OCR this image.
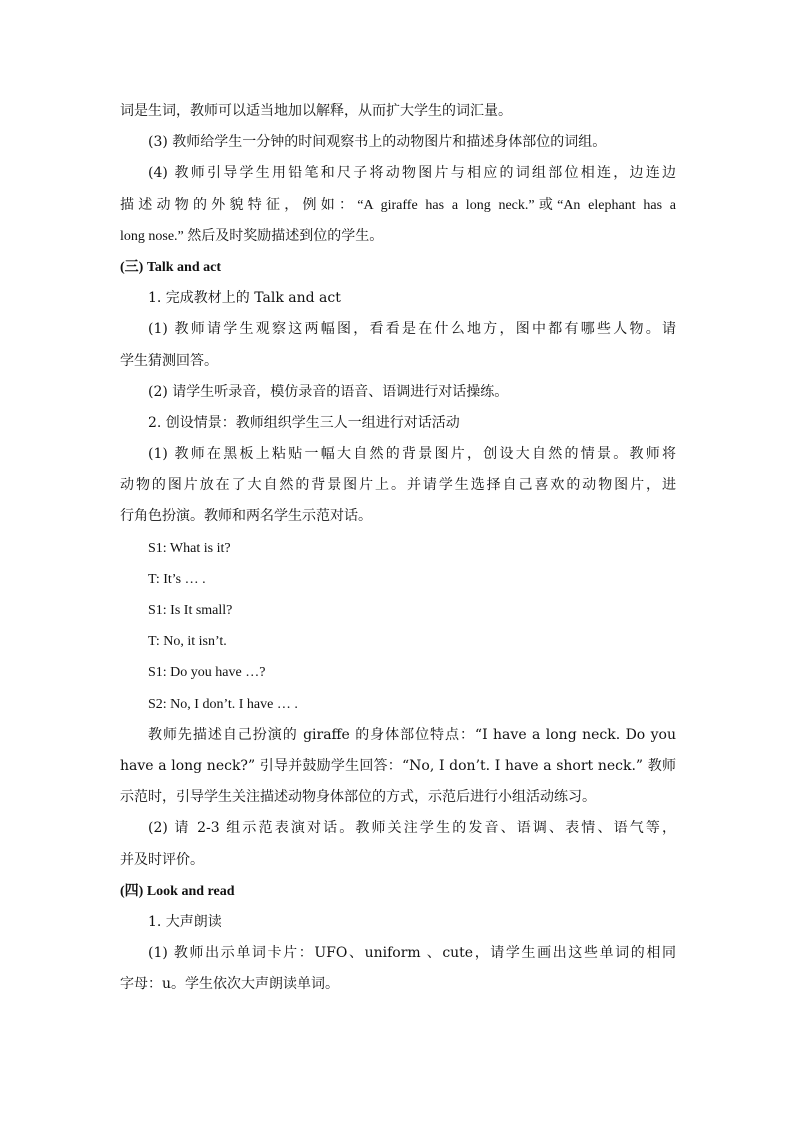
词是生词，教师可以适当地加以解释，从而扩大学生的词汇量。
(3) 教师给学生一分钟的时间观察书上的动物图片和描述身体部位的词组。
(4) 教师引导学生用铅笔和尺子将动物图片与相应的词组部位相连，边连边
描述动物的外貌特征，例如：“A giraffe has a long neck.”或“An elephant has a
long nose.” 然后及时奖励描述到位的学生。
(三) Talk and act
1. 完成教材上的 Talk and act
(1) 教师请学生观察这两幅图，看看是在什么地方，图中都有哪些人物。请
学生猜测回答。
(2) 请学生听录音，模仿录音的语音、语调进行对话操练。
2. 创设情景：教师组织学生三人一组进行对话活动
(1) 教师在黑板上粘贴一幅大自然的背景图片，创设大自然的情景。教师将
动物的图片放在了大自然的背景图片上。并请学生选择自己喜欢的动物图片，进
行角色扮演。教师和两名学生示范对话。
S1: What is it?
T: It’s … .
S1: Is It small?
T: No, it isn’t.
S1: Do you have …?
S2: No, I don’t. I have … .
教师先描述自己扮演的 giraffe 的身体部位特点：“I have a long neck. Do you
have a long neck?” 引导并鼓励学生回答：“No, I don’t. I have a short neck.” 教师
示范时，引导学生关注描述动物身体部位的方式，示范后进行小组活动练习。
(2) 请 2-3 组示范表演对话。教师关注学生的发音、语调、表情、语气等，
并及时评价。
(四) Look and read
1. 大声朗读
(1) 教师出示单词卡片：UFO、uniform 、cute，请学生画出这些单词的相同
字母：u。学生依次大声朗读单词。
